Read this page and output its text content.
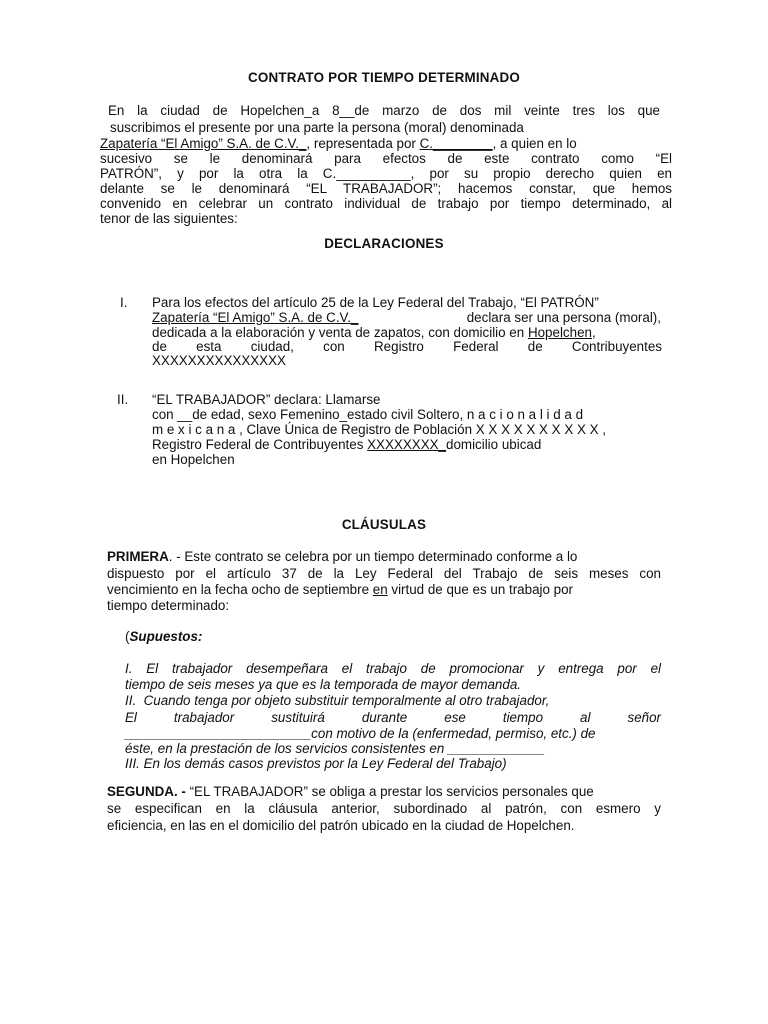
CONTRATO POR TIEMPO DETERMINADO
En la ciudad de Hopelchen_a 8__de marzo de dos mil veinte tres los que
suscribimos el presente por una parte la persona (moral) denominada
Zapatería “El Amigo” S.A. de C.V._, representada por C.________, a quien en lo
sucesivo se le denominará para efectos de este contrato como “El
PATRÓN”, y por la otra la C.__________, por su propio derecho quien en
delante se le denominará “EL TRABAJADOR”; hacemos constar, que hemos
convenido en celebrar un contrato individual de trabajo por tiempo determinado, al
tenor de las siguientes:
DECLARACIONES
I. Para los efectos del artículo 25 de la Ley Federal del Trabajo, “El PATRÓN”
Zapatería “El Amigo” S.A. de C.V._	declara ser una persona (moral),
dedicada a la elaboración y venta de zapatos, con domicilio en Hopelchen,
de esta ciudad, con Registro Federal de Contribuyentes
XXXXXXXXXXXXXXX
II. “EL TRABAJADOR” declara: Llamarse
con __de edad, sexo Femenino_estado civil Soltero, n a c i o n a l i d a d
m e x i c a n a , Clave Única de Registro de Población X X X X X X X X X X ,
Registro Federal de Contribuyentes XXXXXXXX_domicilio ubicad
en Hopelchen
CLÁUSULAS
PRIMERA. - Este contrato se celebra por un tiempo determinado conforme a lo
dispuesto por el artículo 37 de la Ley Federal del Trabajo de seis meses con
vencimiento en la fecha ocho de septiembre en virtud de que es un trabajo por
tiempo determinado:
(Supuestos:
I. El trabajador desempeñara el trabajo de promocionar y entrega por el
tiempo de seis meses ya que es la temporada de mayor demanda.
II.  Cuando tenga por objeto substituir temporalmente al otro trabajador,
El trabajador sustituirá durante ese tiempo al señor
_________________________con motivo de la (enfermedad, permiso, etc.) de
éste, en la prestación de los servicios consistentes en _____________
III. En los demás casos previstos por la Ley Federal del Trabajo)
SEGUNDA. - “EL TRABAJADOR” se obliga a prestar los servicios personales que
se especifican en la cláusula anterior, subordinado al patrón, con esmero y
eficiencia, en las en el domicilio del patrón ubicado en la ciudad de Hopelchen.
